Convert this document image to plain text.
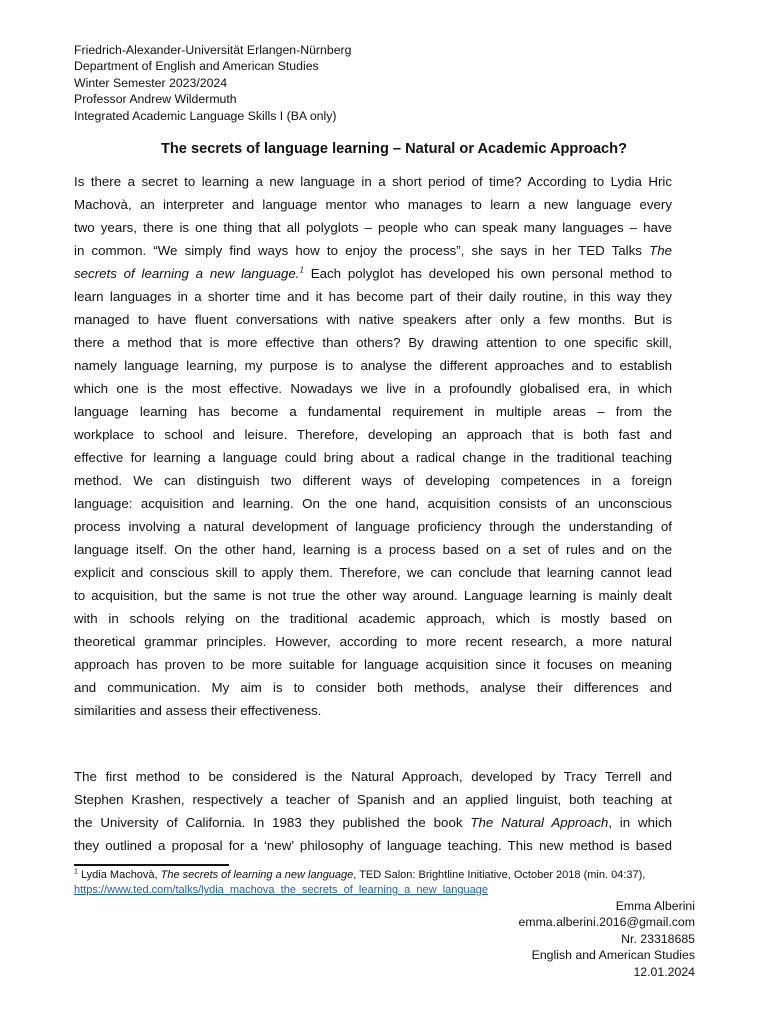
Friedrich-Alexander-Universität Erlangen-Nürnberg
Department of English and American Studies
Winter Semester 2023/2024
Professor Andrew Wildermuth
Integrated Academic Language Skills I (BA only)
The secrets of language learning – Natural or Academic Approach?
Is there a secret to learning a new language in a short period of time? According to Lydia Hric
Machovà, an interpreter and language mentor who manages to learn a new language every
two years, there is one thing that all polyglots – people who can speak many languages – have
in common. “We simply find ways how to enjoy the process”, she says in her TED Talks The
secrets of learning a new language.$^1$ Each polyglot has developed his own personal method to
learn languages in a shorter time and it has become part of their daily routine, in this way they
managed to have fluent conversations with native speakers after only a few months. But is
there a method that is more effective than others? By drawing attention to one specific skill,
namely language learning, my purpose is to analyse the different approaches and to establish
which one is the most effective. Nowadays we live in a profoundly globalised era, in which
language learning has become a fundamental requirement in multiple areas – from the
workplace to school and leisure. Therefore, developing an approach that is both fast and
effective for learning a language could bring about a radical change in the traditional teaching
method. We can distinguish two different ways of developing competences in a foreign
language: acquisition and learning. On the one hand, acquisition consists of an unconscious
process involving a natural development of language proficiency through the understanding of
language itself. On the other hand, learning is a process based on a set of rules and on the
explicit and conscious skill to apply them. Therefore, we can conclude that learning cannot lead
to acquisition, but the same is not true the other way around. Language learning is mainly dealt
with in schools relying on the traditional academic approach, which is mostly based on
theoretical grammar principles. However, according to more recent research, a more natural
approach has proven to be more suitable for language acquisition since it focuses on meaning
and communication. My aim is to consider both methods, analyse their differences and
similarities and assess their effectiveness.
The first method to be considered is the Natural Approach, developed by Tracy Terrell and
Stephen Krashen, respectively a teacher of Spanish and an applied linguist, both teaching at
the University of California. In 1983 they published the book The Natural Approach, in which
they outlined a proposal for a ‘new’ philosophy of language teaching. This new method is based
$^1$ Lydia Machovà, The secrets of learning a new language, TED Salon: Brightline Initiative, October 2018 (min. 04:37),
https://www.ted.com/talks/lydia_machova_the_secrets_of_learning_a_new_language
Emma Alberini
emma.alberini.2016@gmail.com
Nr. 23318685
English and American Studies
12.01.2024
